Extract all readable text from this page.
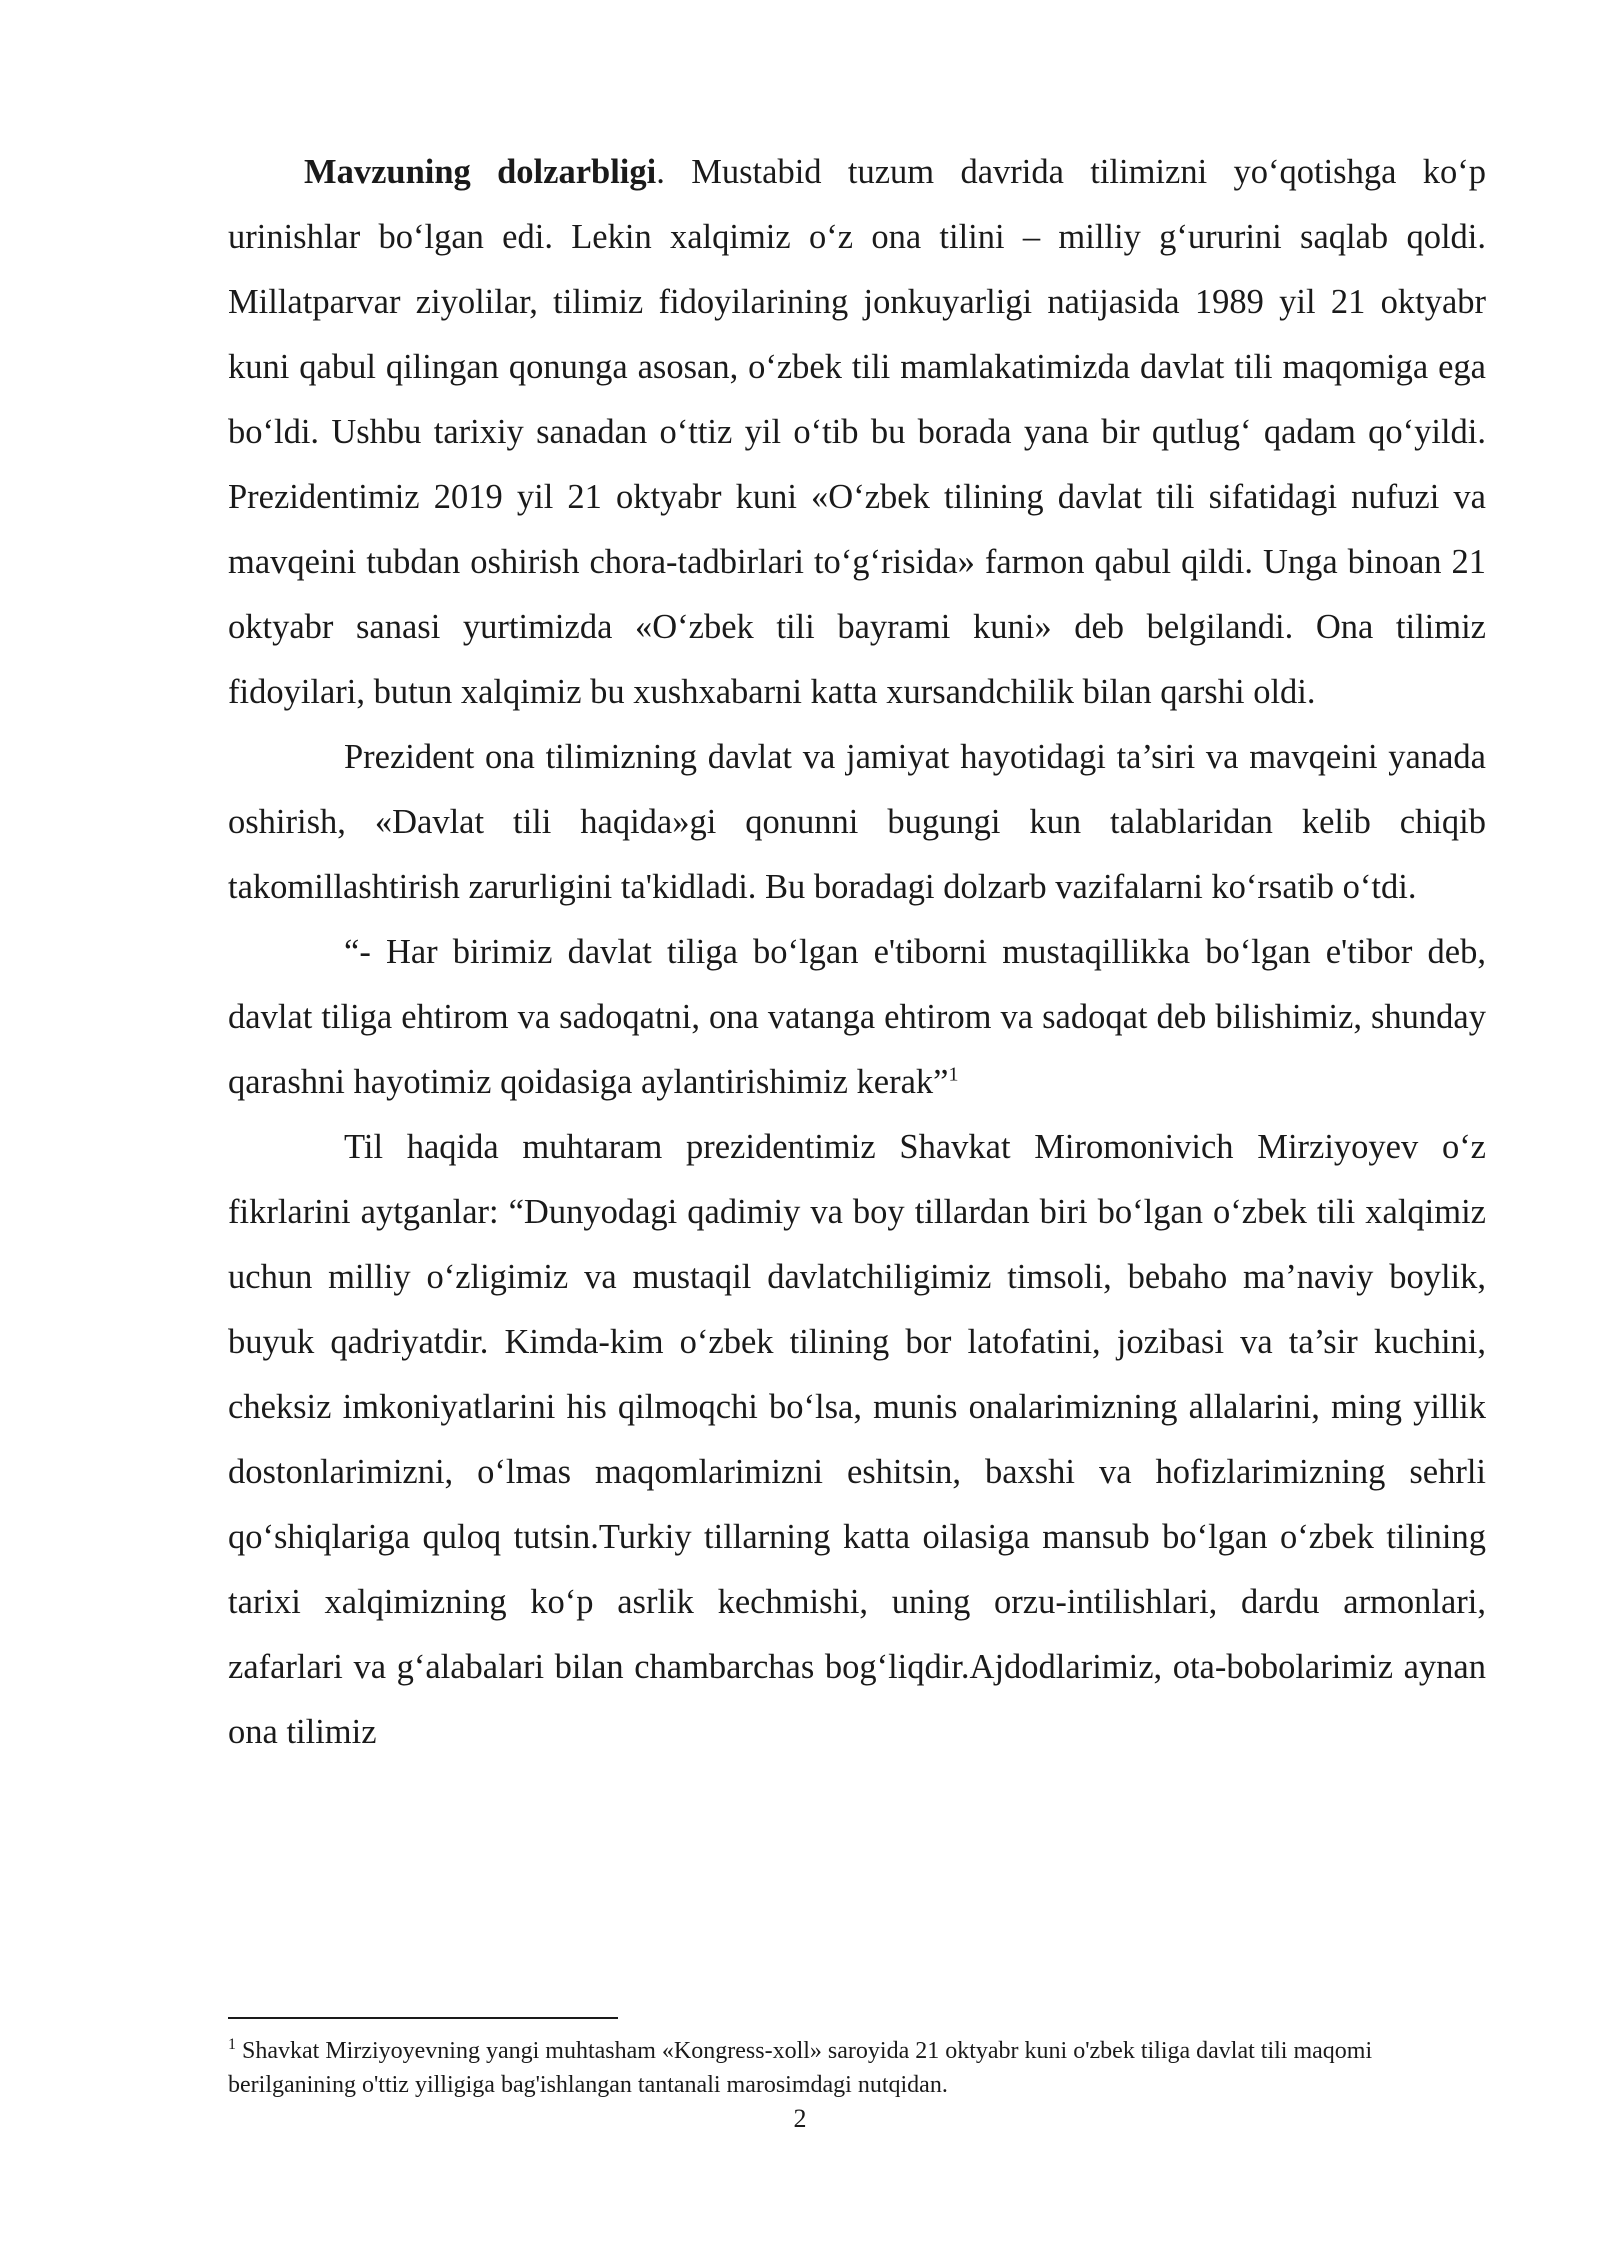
Mavzuning dolzarbligi. Mustabid tuzum davrida tilimizni yo‘qotishga ko‘p urinishlar bo‘lgan edi. Lekin xalqimiz o‘z ona tilini – milliy g‘ururini saqlab qoldi. Millatparvar ziyolilar, tilimiz fidoyilarining jonkuyarligi natijasida 1989 yil 21 oktyabr kuni qabul qilingan qonunga asosan, o‘zbek tili mamlakatimizda davlat tili maqomiga ega bo‘ldi. Ushbu tarixiy sanadan o‘ttiz yil o‘tib bu borada yana bir qutlug‘ qadam qo‘yildi. Prezidentimiz 2019 yil 21 oktyabr kuni «O‘zbek tilining davlat tili sifatidagi nufuzi va mavqeini tubdan oshirish chora-tadbirlari to‘g‘risida» farmon qabul qildi. Unga binoan 21 oktyabr sanasi yurtimizda «O‘zbek tili bayrami kuni» deb belgilandi. Ona tilimiz fidoyilari, butun xalqimiz bu xushxabarni katta xursandchilik bilan qarshi oldi.

Prezident ona tilimizning davlat va jamiyat hayotidagi ta’siri va mavqeini yanada oshirish, «Davlat tili haqida»gi qonunni bugungi kun talablaridan kelib chiqib takomillashtirish zarurligini ta'kidladi. Bu boradagi dolzarb vazifalarni ko‘rsatib o‘tdi.

“- Har birimiz davlat tiliga bo‘lgan e'tiborni mustaqillikka bo‘lgan e'tibor deb, davlat tiliga ehtirom va sadoqatni, ona vatanga ehtirom va sadoqat deb bilishimiz, shunday qarashni hayotimiz qoidasiga aylantirishimiz kerak”$^1$

Til haqida muhtaram prezidentimiz Shavkat Miromonivich Mirziyoyev o‘z fikrlarini aytganlar: “Dunyodagi qadimiy va boy tillardan biri bo‘lgan o‘zbek tili xalqimiz uchun milliy o‘zligimiz va mustaqil davlatchiligimiz timsoli, bebaho ma’naviy boylik, buyuk qadriyatdir. Kimda-kim o‘zbek tilining bor latofatini, jozibasi va ta’sir kuchini, cheksiz imkoniyatlarini his qilmoqchi bo‘lsa, munis onalarimizning allalarini, ming yillik dostonlarimizni, o‘lmas maqomlarimizni eshitsin, baxshi va hofizlarimizning sehrli qo‘shiqlariga quloq tutsin.Turkiy tillarning katta oilasiga mansub bo‘lgan o‘zbek tilining tarixi xalqimizning ko‘p asrlik kechmishi, uning orzu-intilishlari, dardu armonlari, zafarlari va g‘alabalari bilan chambarchas bog‘liqdir.Ajdodlarimiz, ota-bobolarimiz aynan ona tilimiz

$^1$ Shavkat Mirziyoyevning yangi muhtasham «Kongress-xoll» saroyida 21 oktyabr kuni o'zbek tiliga davlat tili maqomi berilganining o'ttiz yilligiga bag'ishlangan tantanali marosimdagi nutqidan.
2
